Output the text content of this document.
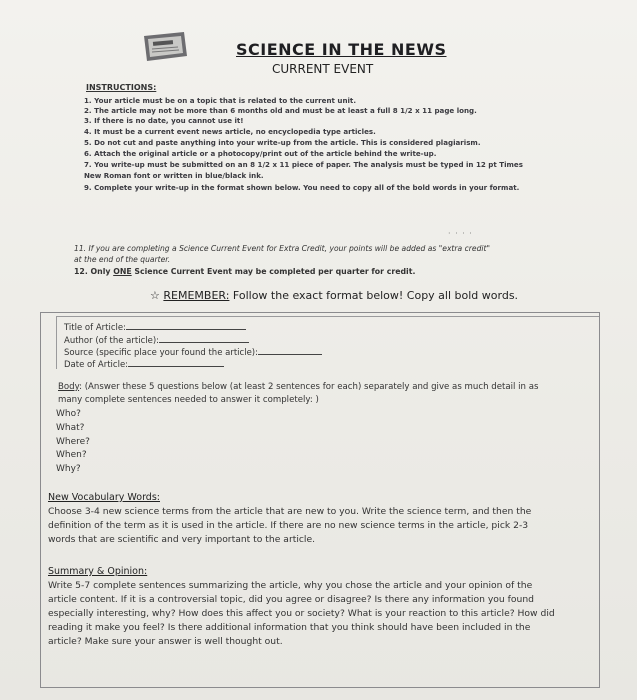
SCIENCE IN THE NEWS
CURRENT EVENT
INSTRUCTIONS:
1. Your article must be on a topic that is related to the current unit.
2. The article may not be more than 6 months old and must be at least a full 8 1/2 x 11 page long.
3. If there is no date, you cannot use it!
4. It must be a current event news article, no encyclopedia type articles.
5. Do not cut and paste anything into your write-up from the article. This is considered plagiarism.
6. Attach the original article or a photocopy/print out of the article behind the write-up.
7. You write-up must be submitted on an 8 1/2 x 11 piece of paper. The analysis must be typed in 12 pt Times
New Roman font or written in blue/black ink.
9. Complete your write-up in the format shown below. You need to copy all of the bold words in your format.
· · · ·
11. If you are completing a Science Current Event for Extra Credit, your points will be added as "extra credit"
at the end of the quarter.
12. Only ONE Science Current Event may be completed per quarter for credit.
☆ REMEMBER: Follow the exact format below! Copy all bold words.
Title of Article:
Author (of the article):
Source (specific place your found the article):
Date of Article:
Body: (Answer these 5 questions below (at least 2 sentences for each) separately and give as much detail in as
many complete sentences needed to answer it completely: )
Who?
What?
Where?
When?
Why?
New Vocabulary Words:
Choose 3-4 new science terms from the article that are new to you. Write the science term, and then the
definition of the term as it is used in the article. If there are no new science terms in the article, pick 2-3
words that are scientific and very important to the article.
Summary & Opinion:
Write 5-7 complete sentences summarizing the article, why you chose the article and your opinion of the
article content. If it is a controversial topic, did you agree or disagree? Is there any information you found
especially interesting, why? How does this affect you or society? What is your reaction to this article? How did
reading it make you feel? Is there additional information that you think should have been included in the
article? Make sure your answer is well thought out.
